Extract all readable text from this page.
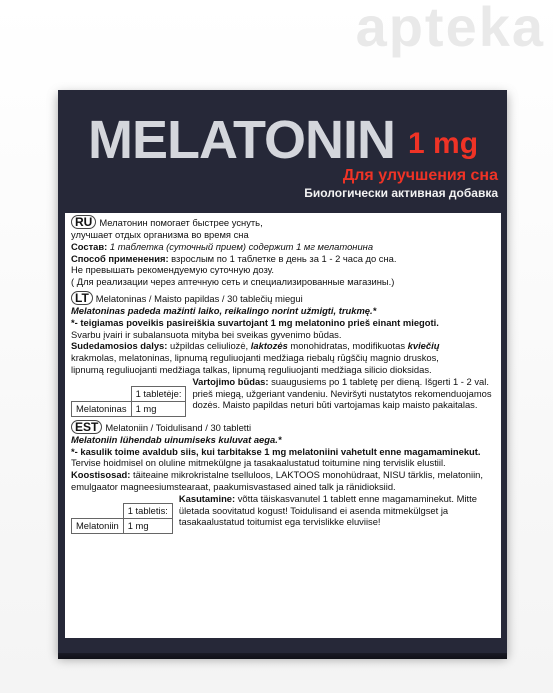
apteka
MELATONIN 1 mg
Для улучшения сна
Биологически активная добавка
RU Мелатонин помогает быстрее уснуть,
улучшает отдых организма во время сна
Состав: 1 таблетка (суточный прием) содержит 1 мг мелатонина
Способ применения: взрослым по 1 таблетке в день за 1 - 2 часа до сна.
Не превышать рекомендуемую суточную дозу.
( Для реализации через аптечную сеть и специализированные магазины.)
LT Melatoninas / Maisto papildas / 30 tablečių miegui
Melatoninas padeda mažinti laiko, reikalingo norint užmigti, trukmę.*
*- teigiamas poveikis pasireiškia suvartojant 1 mg melatonino prieš einant miegoti.
Svarbu įvairi ir subalansuota mityba bei sveikas gyvenimo būdas.
Sudedamosios dalys: užpildas celiuliozė, laktozės monohidratas, modifikuotas kviečių
krakmolas, melatoninas, lipnumą reguliuojanti medžiaga riebalų rūgščių magnio druskos,
lipnumą reguliuojanti medžiaga talkas, lipnumą reguliuojanti medžiaga silicio dioksidas.
	1 tabletėje:
Melatoninas	1 mg
Vartojimo būdas: suaugusiems po 1 tabletę per dieną. Išgerti 1 - 2 val. prieš miegą, užgeriant vandeniu. Neviršyti nustatytos rekomenduojamos dozės. Maisto papildas neturi būti vartojamas kaip maisto pakaitalas.
EST Melatoniin / Toidulisand / 30 tabletti
Melatoniin lühendab uinumiseks kuluvat aega.*
*- kasulik toime avaldub siis, kui tarbitakse 1 mg melatoniini vahetult enne magamaminekut. Tervise hoidmisel on oluline mitmekülgne ja tasakaalustatud toitumine ning tervislik elustiil. Koostisosad: täiteaine mikrokristalne tselluloos, LAKTOOS monohüdraat, NISU tärklis, melatoniin, emulgaator magneesiumstearaat, paakumisvastased ained talk ja ränidioksiid.
	1 tabletis:
Melatoniin	1 mg
Kasutamine: võtta täiskasvanutel 1 tablett enne magamaminekut. Mitte ületada soovitatud kogust! Toidulisand ei asenda mitmekülgset ja tasakaalustatud toitumist ega tervislikke eluviise!
